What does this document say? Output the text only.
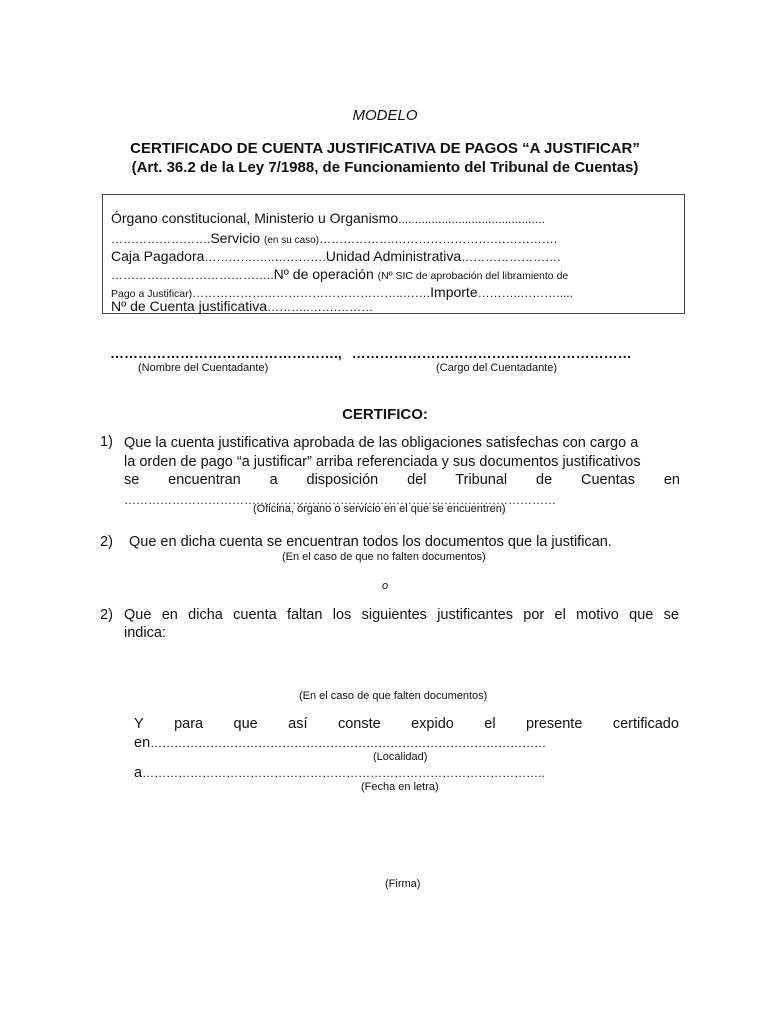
MODELO
CERTIFICADO DE CUENTA JUSTIFICATIVA DE PAGOS “A JUSTIFICAR”
(Art. 36.2 de la Ley 7/1988, de Funcionamiento del Tribunal de Cuentas)
Órgano constitucional, Ministerio u Organismo............................................
…………………….Servicio (en su caso)……………….…………………….…………….
Caja Pagadora………….…..………….Unidad Administrativa…………………….
…………………………………..Nº de operación (Nº SIC de aprobación del libramiento de
Pago a Justificar)……………………………………………..…….Importe………..……….....
Nº de Cuenta justificativa………..…….………
…………………………………………., ……………………………………………………
(Nombre del Cuentadante)	(Cargo del Cuentadante)
CERTIFICO:
1) Que la cuenta justificativa aprobada de las obligaciones satisfechas con cargo a
la orden de pago “a justificar” arriba referenciada y sus documentos justificativos
se encuentran a disposición del Tribunal de Cuentas en
………………………………………………………………………………………………
(Oficina, órgano o servicio en el que se encuentren)
2) Que en dicha cuenta se encuentran todos los documentos que la justifican.
(En el caso de que no falten documentos)
o
2) Que en dicha cuenta faltan los siguientes justificantes por el motivo que se
indica:
(En el caso de que falten documentos)
Y para que así conste expido el presente certificado
en………………………………………………………………………………………
(Localidad)
a………………………………………………………………………………………..
(Fecha en letra)
(Firma)
